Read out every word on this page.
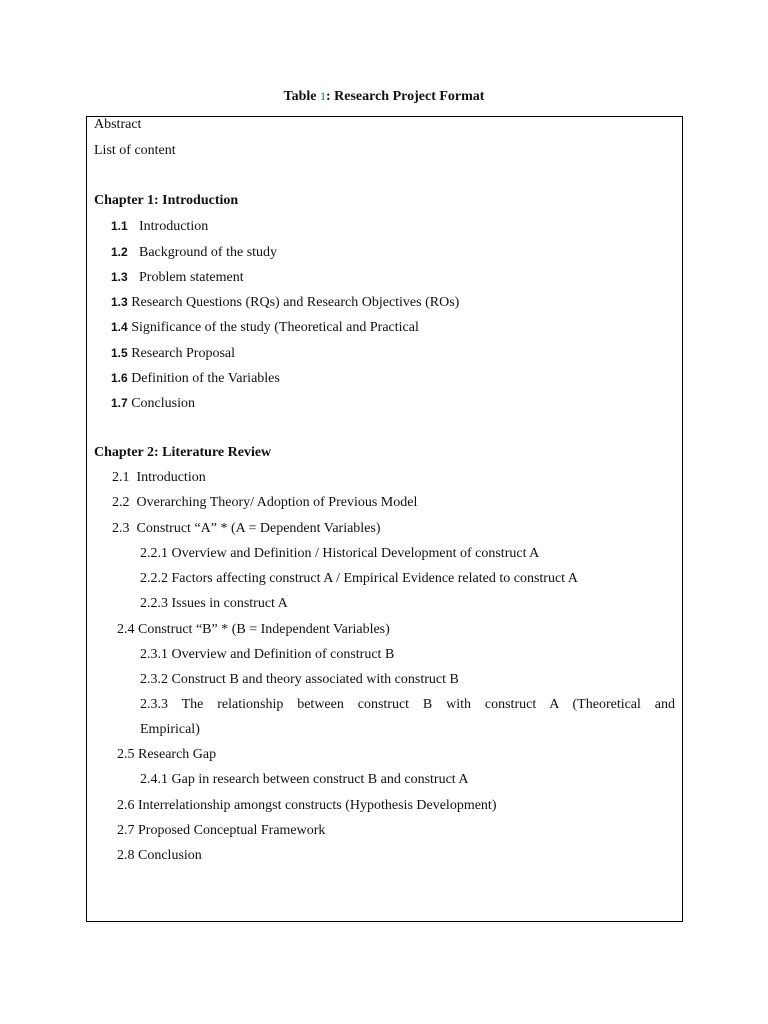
Table 1: Research Project Format
Abstract
List of content
Chapter 1: Introduction
1.1 Introduction
1.2 Background of the study
1.3 Problem statement
1.3 Research Questions (RQs) and Research Objectives (ROs)
1.4 Significance of the study (Theoretical and Practical
1.5 Research Proposal
1.6 Definition of the Variables
1.7 Conclusion
Chapter 2: Literature Review
2.1  Introduction
2.2  Overarching Theory/ Adoption of Previous Model
2.3  Construct “A” * (A = Dependent Variables)
2.2.1 Overview and Definition / Historical Development of construct A
2.2.2 Factors affecting construct A / Empirical Evidence related to construct A
2.2.3 Issues in construct A
2.4 Construct “B” * (B = Independent Variables)
2.3.1 Overview and Definition of construct B
2.3.2 Construct B and theory associated with construct B
2.3.3 The relationship between construct B with construct A (Theoretical and
Empirical)
2.5 Research Gap
2.4.1 Gap in research between construct B and construct A
2.6 Interrelationship amongst constructs (Hypothesis Development)
2.7 Proposed Conceptual Framework
2.8 Conclusion
